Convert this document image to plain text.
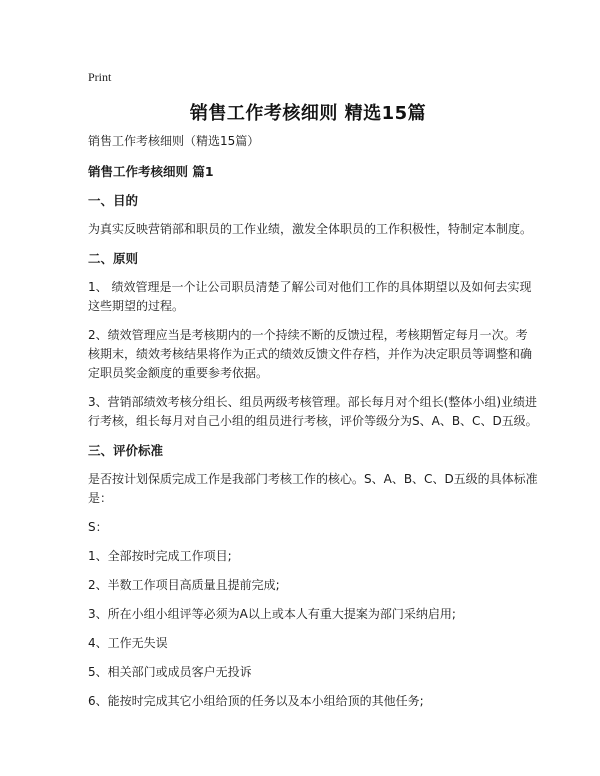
Print
销售工作考核细则 精选15篇

销售工作考核细则（精选15篇）

销售工作考核细则 篇1

一、目的

为真实反映营销部和职员的工作业绩，激发全体职员的工作积极性，特制定本制度。

二、原则

1、 绩效管理是一个让公司职员清楚了解公司对他们工作的具体期望以及如何去实现这些期望的过程。

2、绩效管理应当是考核期内的一个持续不断的反馈过程，考核期暂定每月一次。考核期末，绩效考核结果将作为正式的绩效反馈文件存档，并作为决定职员等调整和确定职员奖金额度的重要参考依据。

3、营销部绩效考核分组长、组员两级考核管理。部长每月对个组长(整体小组)业绩进行考核，组长每月对自己小组的组员进行考核，评价等级分为S、A、B、C、D五级。

三、评价标准

是否按计划保质完成工作是我部门考核工作的核心。S、A、B、C、D五级的具体标准是：

S：

1、全部按时完成工作项目;

2、半数工作项目高质量且提前完成;

3、所在小组小组评等必须为A以上或本人有重大提案为部门采纳启用;

4、工作无失误

5、相关部门或成员客户无投诉

6、能按时完成其它小组给顶的任务以及本小组给顶的其他任务;
